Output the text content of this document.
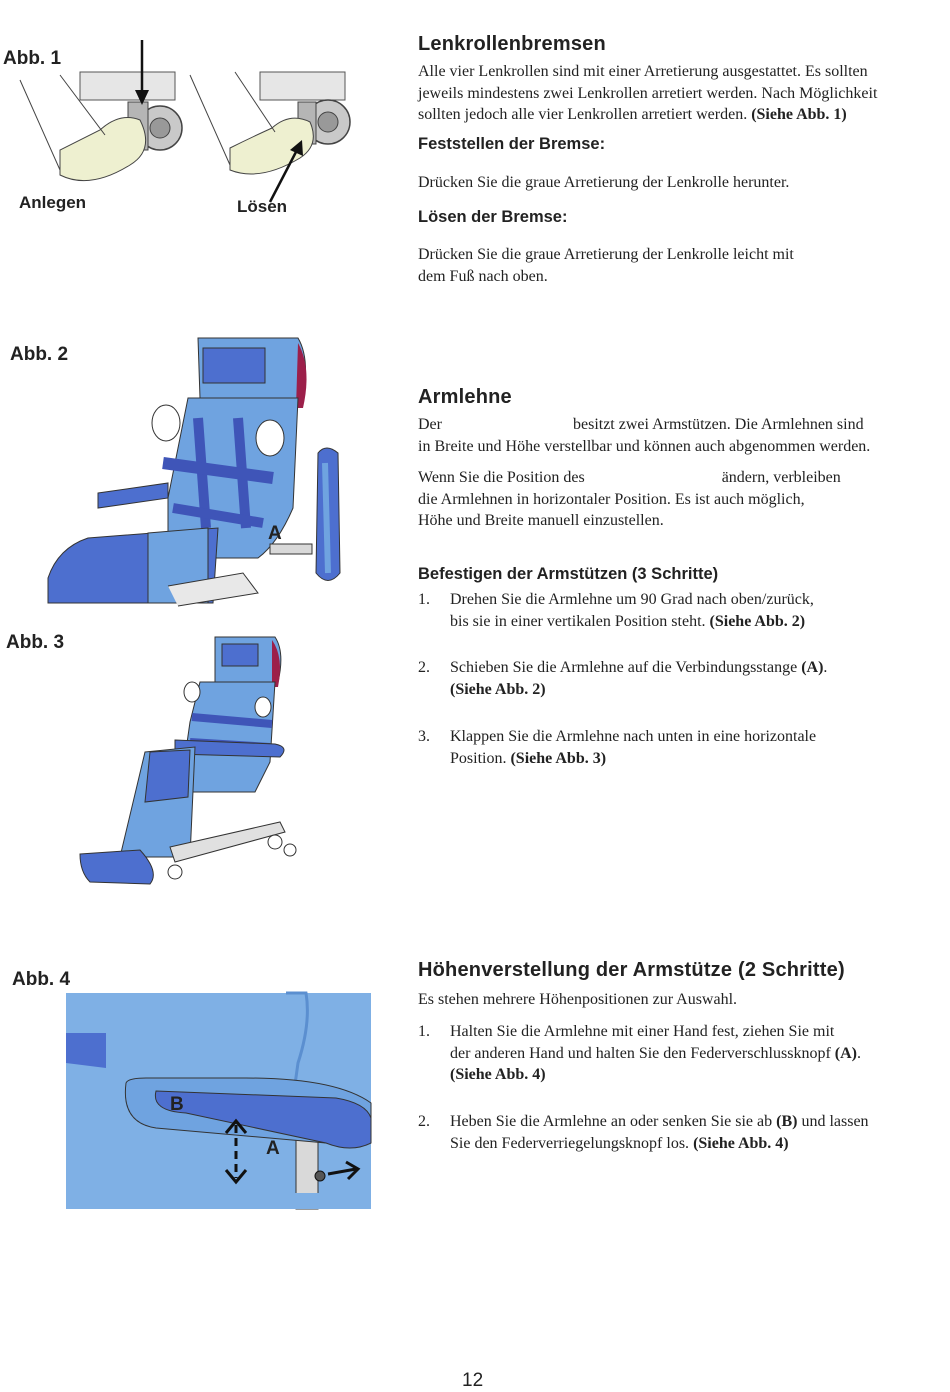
Abb. 1
Anlegen	Lösen
Lenkrollenbremsen
Alle vier Lenkrollen sind mit einer Arretierung ausgestattet. Es sollten
jeweils mindestens zwei Lenkrollen arretiert werden. Nach Möglichkeit
sollten jedoch alle vier Lenkrollen arretiert werden. (Siehe Abb. 1)
Feststellen der Bremse:
Drücken Sie die graue Arretierung der Lenkrolle herunter.
Lösen der Bremse:
Drücken Sie die graue Arretierung der Lenkrolle leicht mit
dem Fuß nach oben.
Abb. 2
A
Abb. 3
Armlehne
Der	besitzt zwei Armstützen. Die Armlehnen sind
in Breite und Höhe verstellbar und können auch abgenommen werden.
Wenn Sie die Position des	ändern, verbleiben
die Armlehnen in horizontaler Position. Es ist auch möglich,
Höhe und Breite manuell einzustellen.
Befestigen der Armstützen (3 Schritte)
1. Drehen Sie die Armlehne um 90 Grad nach oben/zurück,
bis sie in einer vertikalen Position steht. (Siehe Abb. 2)
2. Schieben Sie die Armlehne auf die Verbindungsstange (A).
(Siehe Abb. 2)
3. Klappen Sie die Armlehne nach unten in eine horizontale
Position. (Siehe Abb. 3)
Abb. 4
B
A
Höhenverstellung der Armstütze (2 Schritte)
Es stehen mehrere Höhenpositionen zur Auswahl.
1. Halten Sie die Armlehne mit einer Hand fest, ziehen Sie mit
der anderen Hand und halten Sie den Federverschlussknopf (A).
(Siehe Abb. 4)
2. Heben Sie die Armlehne an oder senken Sie sie ab (B) und lassen
Sie den Federverriegelungsknopf los. (Siehe Abb. 4)
12
